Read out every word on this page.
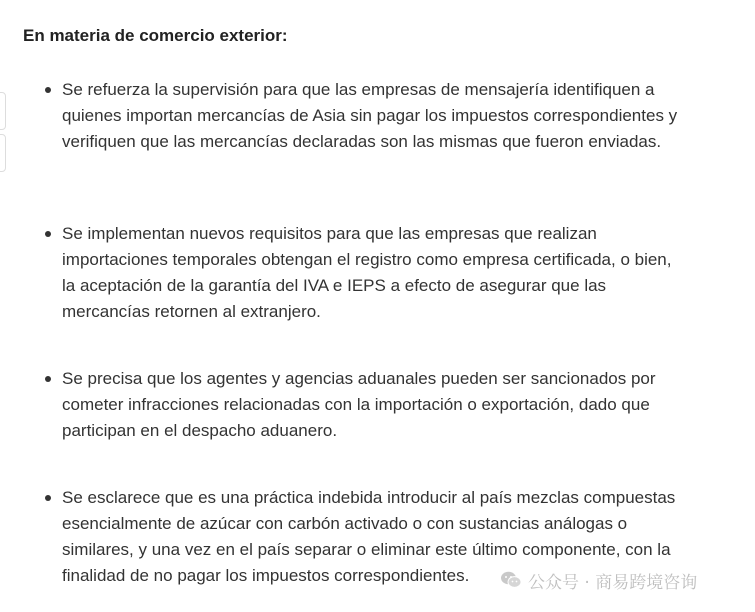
En materia de comercio exterior:
Se refuerza la supervisión para que las empresas de mensajería identifiquen a quienes importan mercancías de Asia sin pagar los impuestos correspondientes y verifiquen que las mercancías declaradas son las mismas que fueron enviadas.
Se implementan nuevos requisitos para que las empresas que realizan importaciones temporales obtengan el registro como empresa certificada, o bien, la aceptación de la garantía del IVA e IEPS a efecto de asegurar que las mercancías retornen al extranjero.
Se precisa que los agentes y agencias aduanales pueden ser sancionados por cometer infracciones relacionadas con la importación o exportación, dado que participan en el despacho aduanero.
Se esclarece que es una práctica indebida introducir al país mezclas compuestas esencialmente de azúcar con carbón activado o con sustancias análogas o similares, y una vez en el país separar o eliminar este último componente, con la finalidad de no pagar los impuestos correspondientes.	公众号 · 商易跨境咨询
